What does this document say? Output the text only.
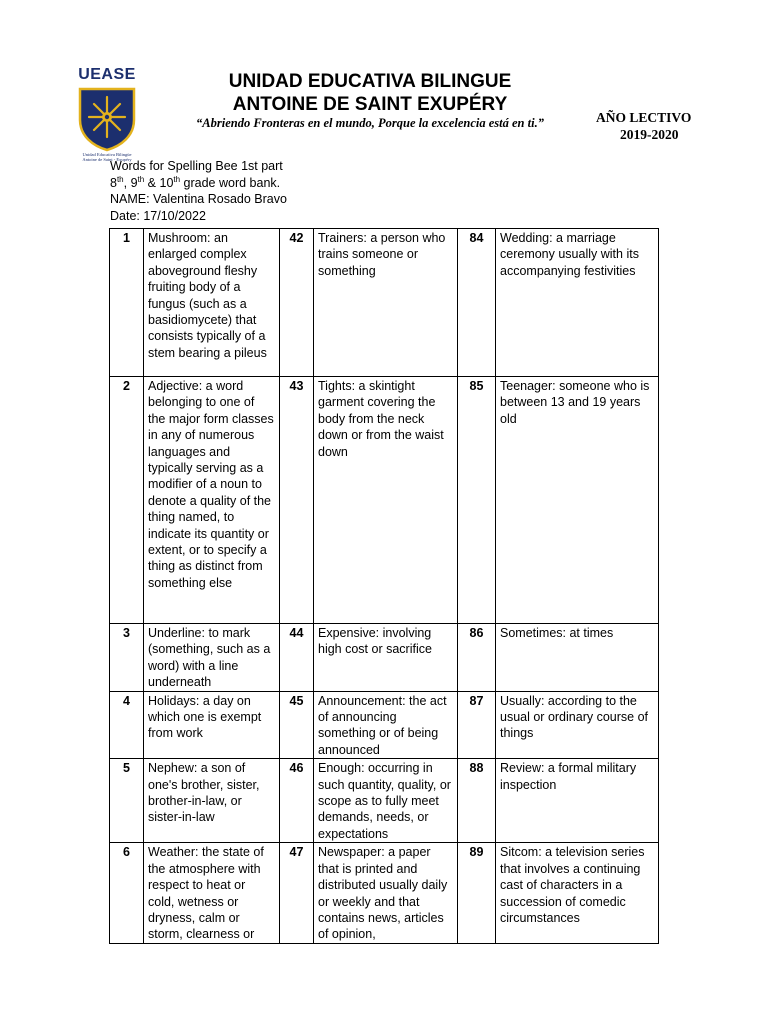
UEASE
Unidad Educativa Bilingüe
Antoine de Saint - Exupéry
UNIDAD EDUCATIVA BILINGUE
ANTOINE DE SAINT EXUPÉRY
“Abriendo Fronteras en el mundo, Porque la excelencia está en ti.”	AÑO LECTIVO
2019-2020
Words for Spelling Bee 1st part
8th, 9th & 10th grade word bank.
NAME: Valentina Rosado Bravo
Date: 17/10/2022
1	Mushroom: an enlarged complex aboveground fleshy fruiting body of a fungus (such as a basidiomycete) that consists typically of a stem bearing a pileus	42	Trainers: a person who trains someone or something	84	Wedding: a marriage ceremony usually with its accompanying festivities
2	Adjective: a word belonging to one of the major form classes in any of numerous languages and typically serving as a modifier of a noun to denote a quality of the thing named, to indicate its quantity or extent, or to specify a thing as distinct from something else	43	Tights: a skintight garment covering the body from the neck down or from the waist down	85	Teenager: someone who is between 13 and 19 years old
3	Underline: to mark (something, such as a word) with a line underneath	44	Expensive: involving high cost or sacrifice	86	Sometimes: at times
4	Holidays: a day on which one is exempt from work	45	Announcement: the act of announcing something or of being announced	87	Usually: according to the usual or ordinary course of things
5	Nephew: a son of one's brother, sister, brother-in-law, or sister-in-law	46	Enough: occurring in such quantity, quality, or scope as to fully meet demands, needs, or expectations	88	Review: a formal military inspection
6	Weather: the state of the atmosphere with respect to heat or cold, wetness or dryness, calm or storm, clearness or	47	Newspaper: a paper that is printed and distributed usually daily or weekly and that contains news, articles of opinion,	89	Sitcom: a television series that involves a continuing cast of characters in a succession of comedic circumstances
